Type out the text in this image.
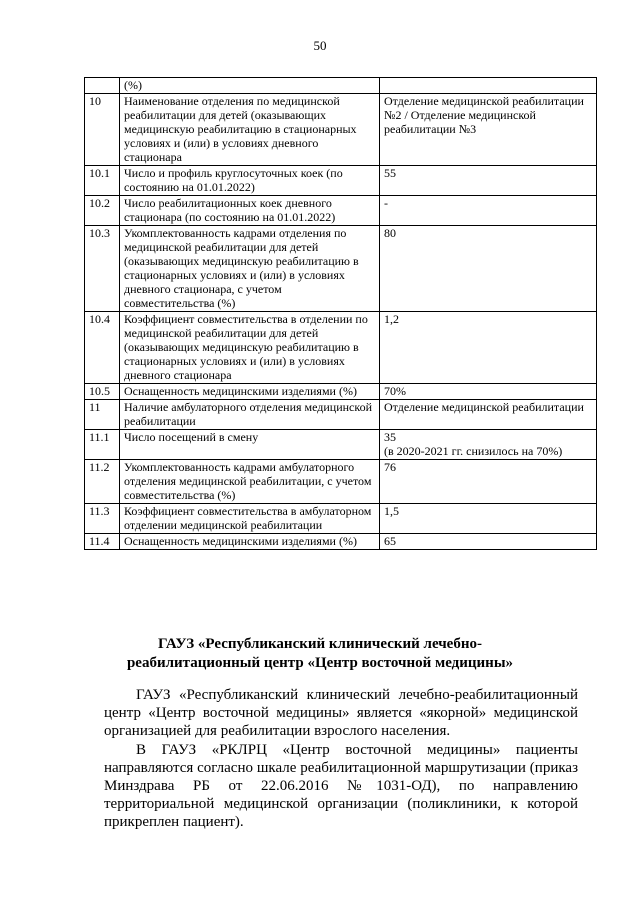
50
	(%)	

10	Наименование отделения по медицинской реабилитации для детей (оказывающих медицинскую реабилитацию в стационарных условиях и (или) в условиях дневного стационара	Отделение медицинской реабилитации №2 / Отделение медицинской реабилитации №3

10.1	Число и профиль круглосуточных коек (по состоянию на 01.01.2022)	55

10.2	Число реабилитационных коек дневного стационара (по состоянию на 01.01.2022)	-

10.3	Укомплектованность кадрами отделения по медицинской реабилитации для детей (оказывающих медицинскую реабилитацию в стационарных условиях и (или) в условиях дневного стационара, с учетом совместительства (%)	80

10.4	Коэффициент совместительства в отделении по медицинской реабилитации для детей (оказывающих медицинскую реабилитацию в стационарных условиях и (или) в условиях дневного стационара	1,2

10.5	Оснащенность медицинскими изделиями (%)	70%

11	Наличие амбулаторного отделения медицинской реабилитации	Отделение медицинской реабилитации

11.1	Число посещений в смену	35
(в 2020-2021 гг. снизилось на 70%)

11.2	Укомплектованность кадрами амбулаторного отделения медицинской реабилитации, с учетом совместительства (%)	76

11.3	Коэффициент совместительства в амбулаторном отделении медицинской реабилитации	1,5

11.4	Оснащенность медицинскими изделиями (%)	65
ГАУЗ «Республиканский клинический лечебно-
реабилитационный центр «Центр восточной медицины»

ГАУЗ «Республиканский клинический лечебно-реабилитационный центр «Центр восточной медицины» является «якорной» медицинской организацией для реабилитации взрослого населения.

В ГАУЗ «РКЛРЦ «Центр восточной медицины» пациенты направляются согласно шкале реабилитационной маршрутизации (приказ Минздрава РБ от 22.06.2016 №1031-ОД), по направлению территориальной медицинской организации (поликлиники, к которой прикреплен пациент).
